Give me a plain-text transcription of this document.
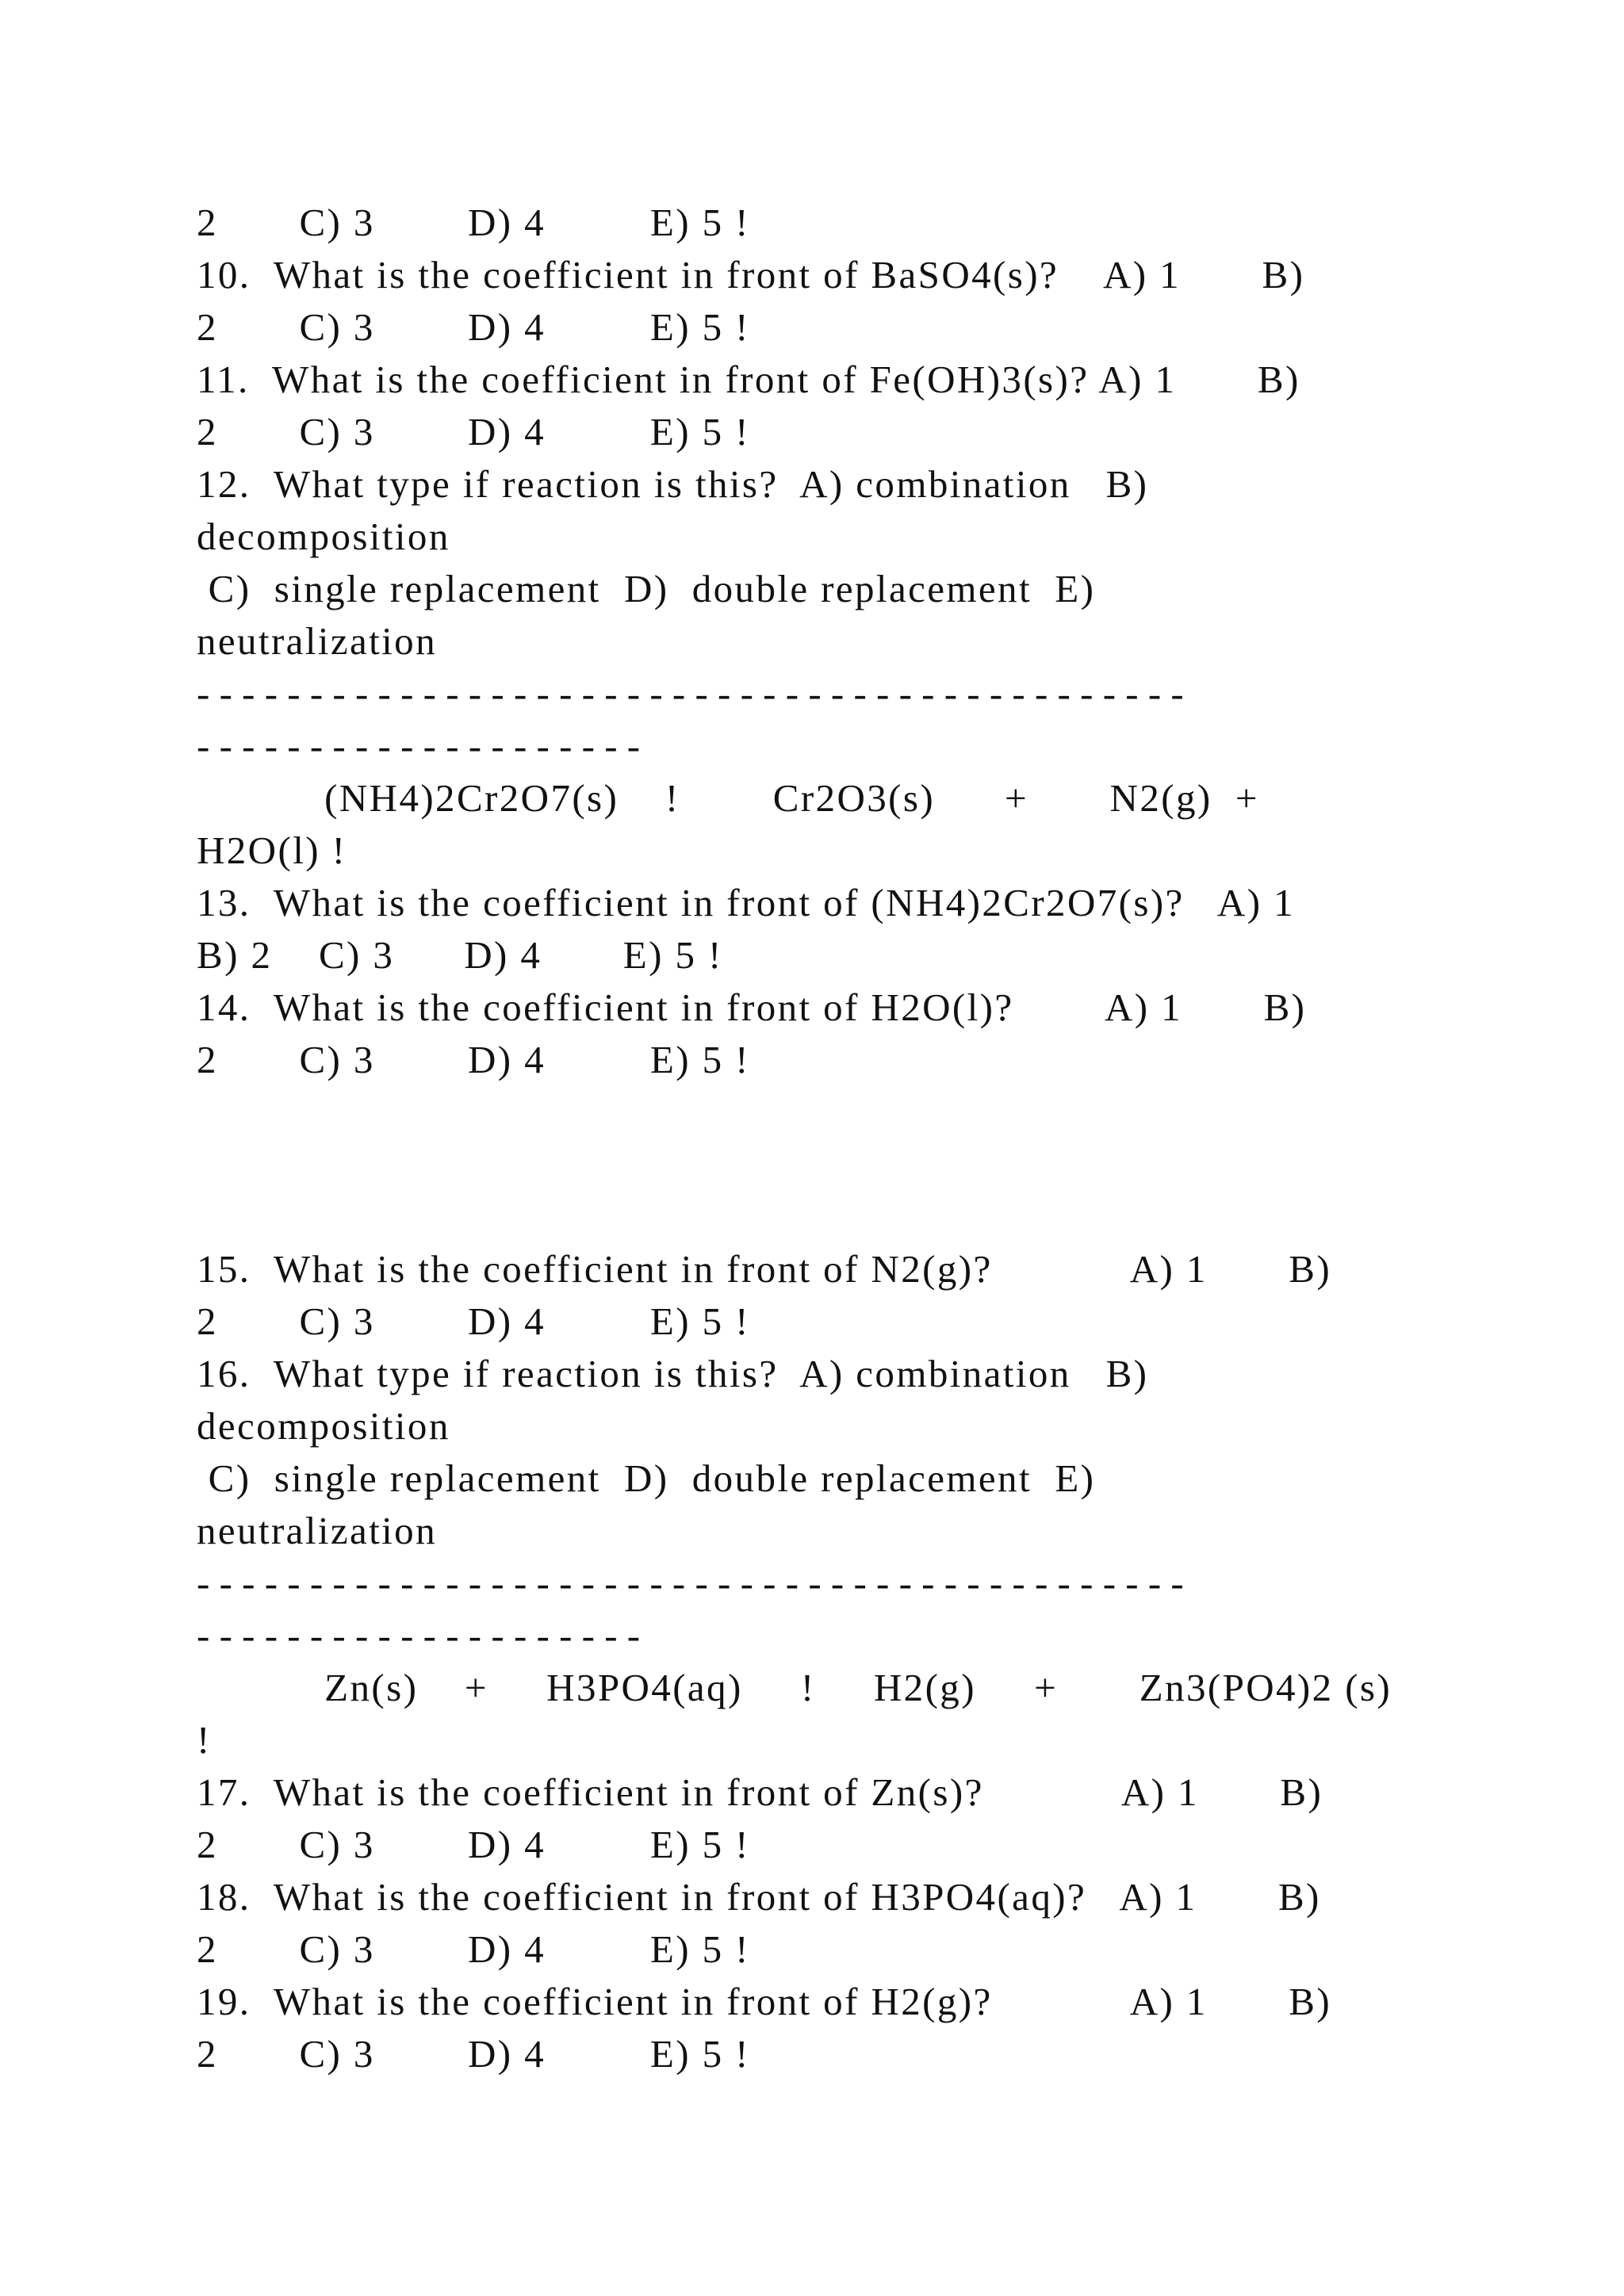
2       C) 3        D) 4         E) 5 !
10.  What is the coefficient in front of BaSO4(s)?    A) 1       B)
2       C) 3        D) 4         E) 5 !
11.  What is the coefficient in front of Fe(OH)3(s)? A) 1       B)
2       C) 3        D) 4         E) 5 !
12.  What type if reaction is this?  A) combination   B)
decomposition
C)  single replacement  D)  double replacement  E)
neutralization
- - - - - - - - - - - - - - - - - - - - - - - - - - - - - - - - - - - - - - - - - - - -
- - - - - - - - - - - - - - - - - - - -
(NH4)2Cr2O7(s)    !        Cr2O3(s)      +       N2(g)  +
H2O(l) !
13.  What is the coefficient in front of (NH4)2Cr2O7(s)?   A) 1
B) 2    C) 3      D) 4       E) 5 !
14.  What is the coefficient in front of H2O(l)?        A) 1       B)
2       C) 3        D) 4         E) 5 !
15.  What is the coefficient in front of N2(g)?            A) 1       B)
2       C) 3        D) 4         E) 5 !
16.  What type if reaction is this?  A) combination   B)
decomposition
C)  single replacement  D)  double replacement  E)
neutralization
- - - - - - - - - - - - - - - - - - - - - - - - - - - - - - - - - - - - - - - - - - - -
- - - - - - - - - - - - - - - - - - - -
Zn(s)    +     H3PO4(aq)     !     H2(g)     +       Zn3(PO4)2 (s)
!
17.  What is the coefficient in front of Zn(s)?            A) 1       B)
2       C) 3        D) 4         E) 5 !
18.  What is the coefficient in front of H3PO4(aq)?   A) 1       B)
2       C) 3        D) 4         E) 5 !
19.  What is the coefficient in front of H2(g)?            A) 1       B)
2       C) 3        D) 4         E) 5 !
